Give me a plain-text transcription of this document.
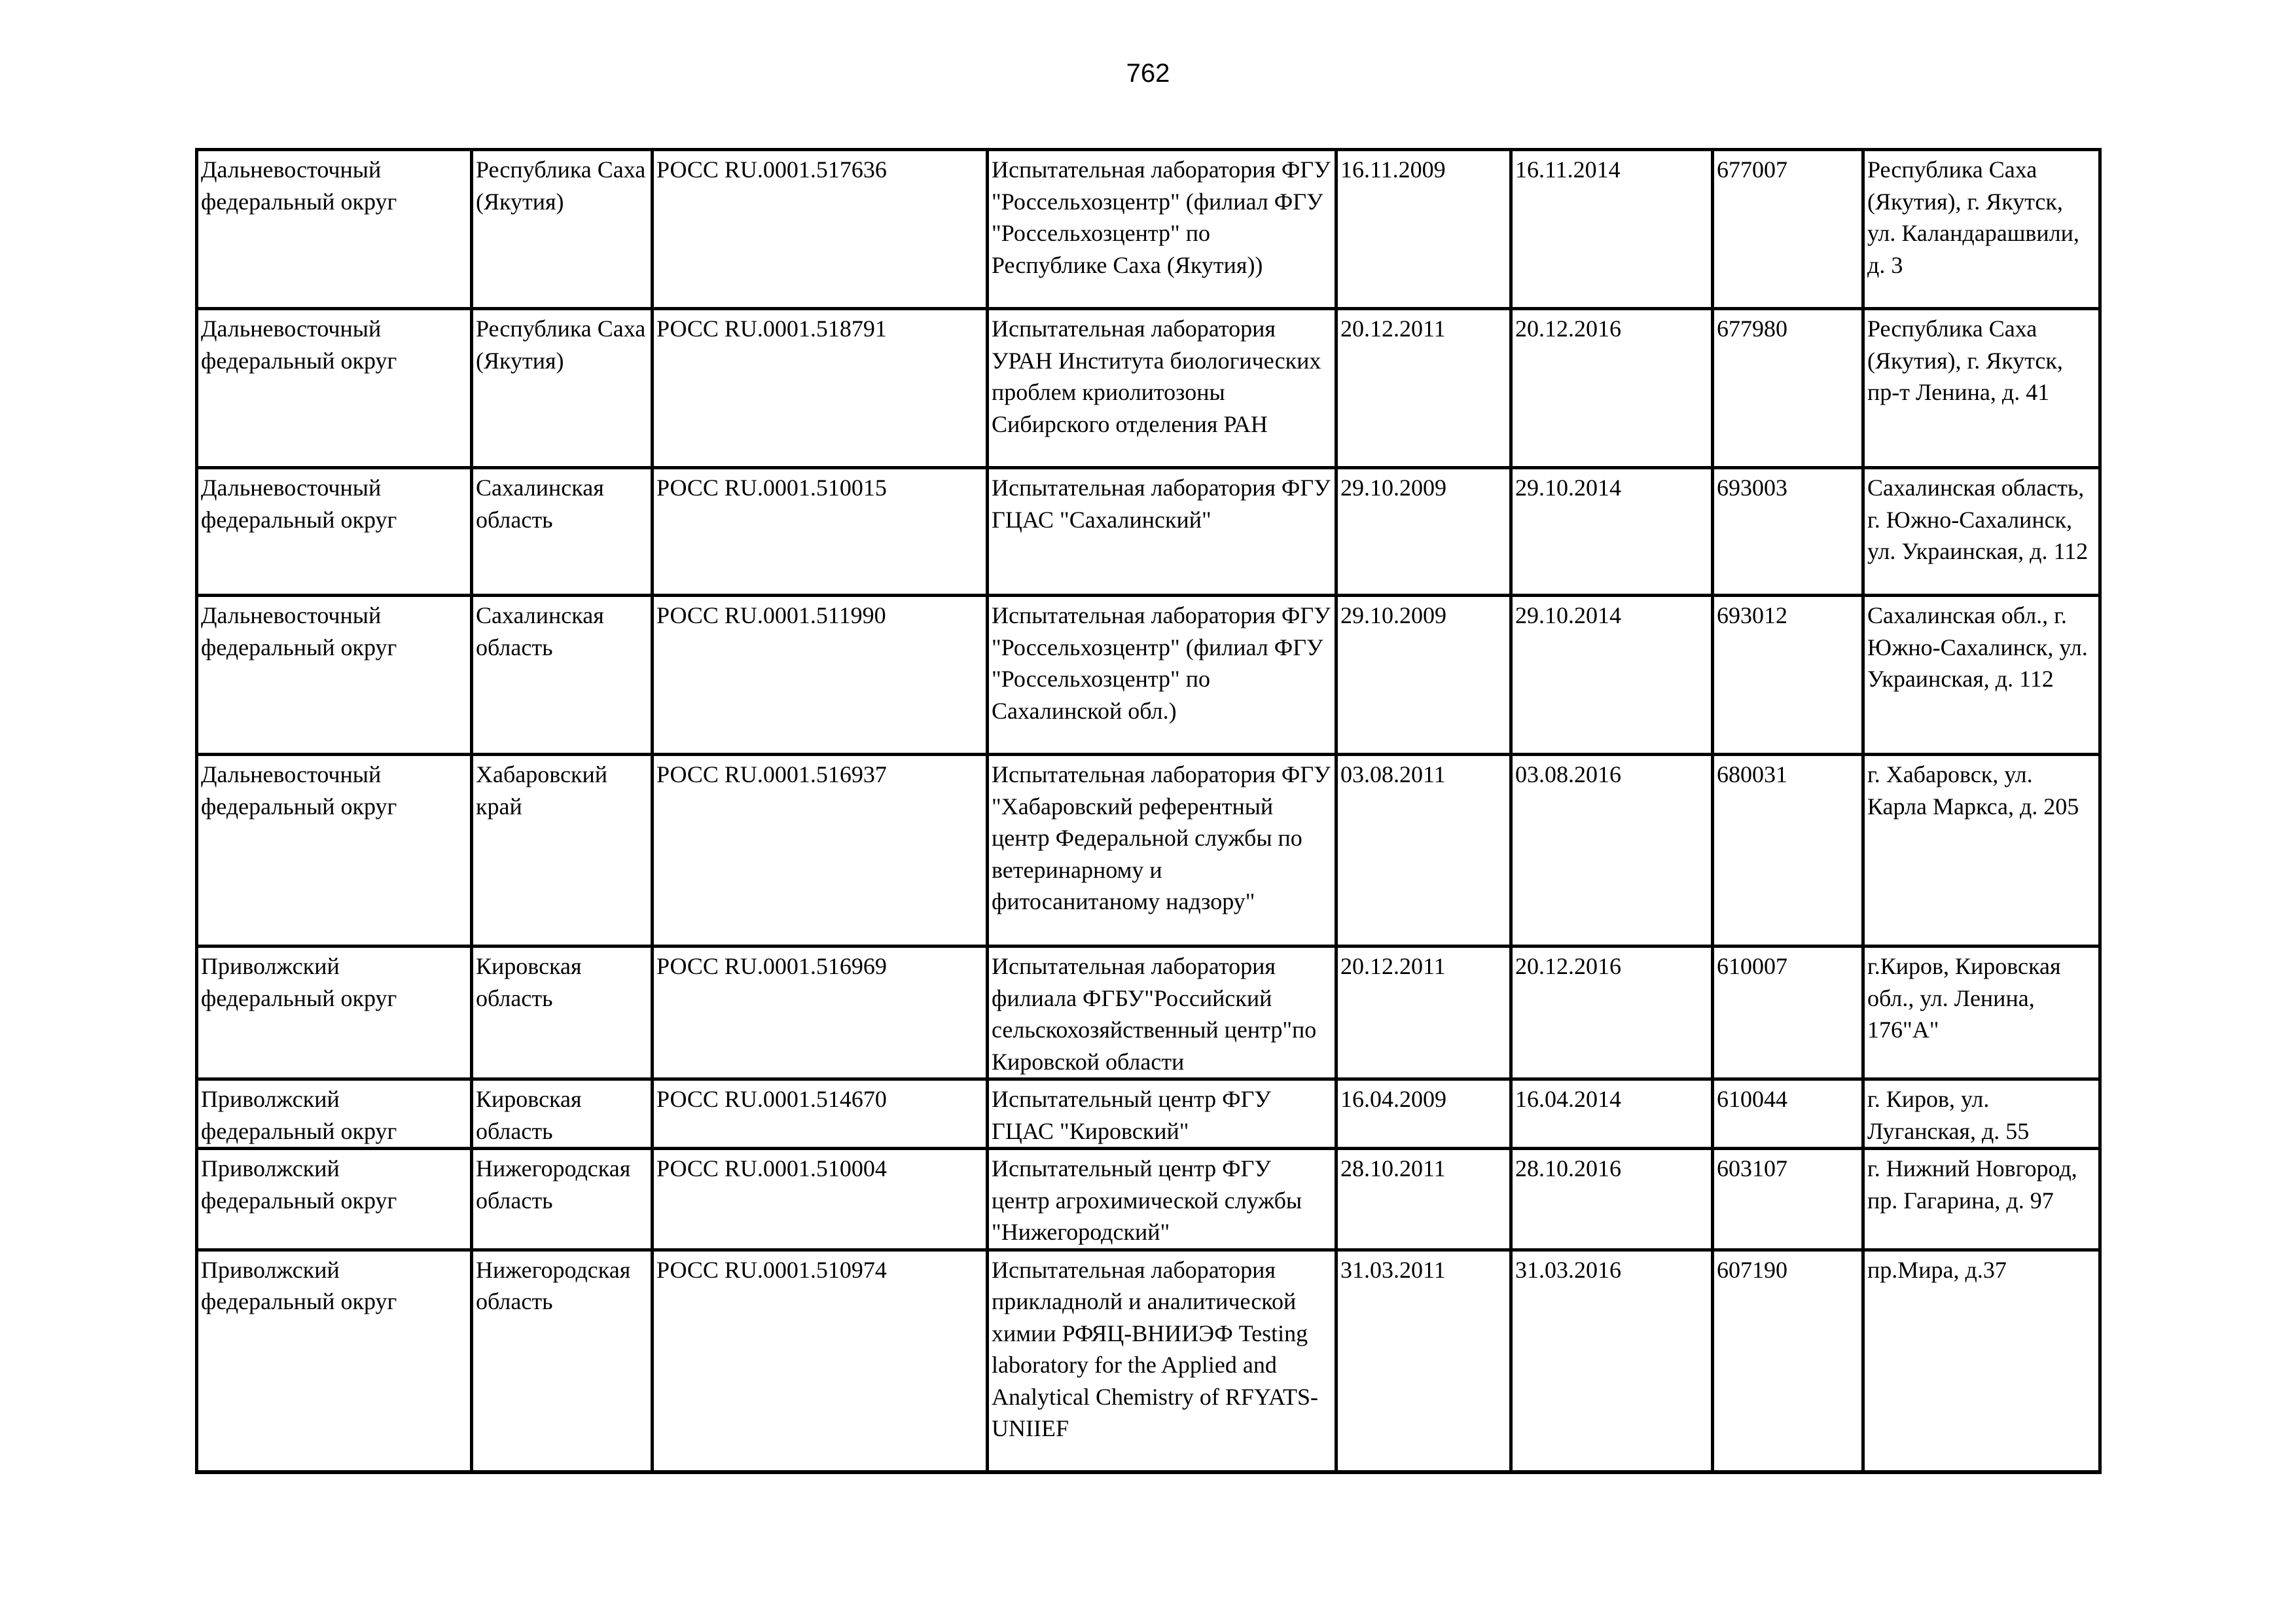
762
Дальневосточный федеральный округ	Республика Саха (Якутия)	РОСС RU.0001.517636	Испытательная лаборатория ФГУ "Россельхозцентр" (филиал ФГУ "Россельхозцентр" по Республике Саха (Якутия))	16.11.2009	16.11.2014	677007	Республика Саха (Якутия), г. Якутск, ул. Каландарашвили, д. 3
Дальневосточный федеральный округ	Республика Саха (Якутия)	РОСС RU.0001.518791	Испытательная лаборатория УРАН Института биологических проблем криолитозоны Сибирского отделения РАН	20.12.2011	20.12.2016	677980	Республика Саха (Якутия), г. Якутск, пр-т Ленина, д. 41
Дальневосточный федеральный округ	Сахалинская область	РОСС RU.0001.510015	Испытательная лаборатория ФГУ ГЦАС "Сахалинский"	29.10.2009	29.10.2014	693003	Сахалинская область, г. Южно-Сахалинск, ул. Украинская, д. 112
Дальневосточный федеральный округ	Сахалинская область	РОСС RU.0001.511990	Испытательная лаборатория ФГУ "Россельхозцентр" (филиал ФГУ "Россельхозцентр" по Сахалинской обл.)	29.10.2009	29.10.2014	693012	Сахалинская обл., г. Южно-Сахалинск, ул. Украинская, д. 112
Дальневосточный федеральный округ	Хабаровский край	РОСС RU.0001.516937	Испытательная лаборатория ФГУ "Хабаровский референтный центр Федеральной службы по ветеринарному и фитосанитаному надзору"	03.08.2011	03.08.2016	680031	г. Хабаровск, ул. Карла Маркса, д. 205
Приволжский федеральный округ	Кировская область	РОСС RU.0001.516969	Испытательная лаборатория филиала ФГБУ"Российский сельскохозяйственный центр"по Кировской области	20.12.2011	20.12.2016	610007	г.Киров, Кировская обл., ул. Ленина, 176"А"
Приволжский федеральный округ	Кировская область	РОСС RU.0001.514670	Испытательный центр ФГУ ГЦАС "Кировский"	16.04.2009	16.04.2014	610044	г. Киров, ул. Луганская, д. 55
Приволжский федеральный округ	Нижегородская область	РОСС RU.0001.510004	Испытательный центр ФГУ центр агрохимической службы "Нижегородский"	28.10.2011	28.10.2016	603107	г. Нижний Новгород, пр. Гагарина, д. 97
Приволжский федеральный округ	Нижегородская область	РОСС RU.0001.510974	Испытательная лаборатория прикладнолй и аналитической химии РФЯЦ-ВНИИЭФ Testing laboratory for the Applied and Analytical Chemistry of RFYATS-UNIIEF	31.03.2011	31.03.2016	607190	пр.Мира, д.37
